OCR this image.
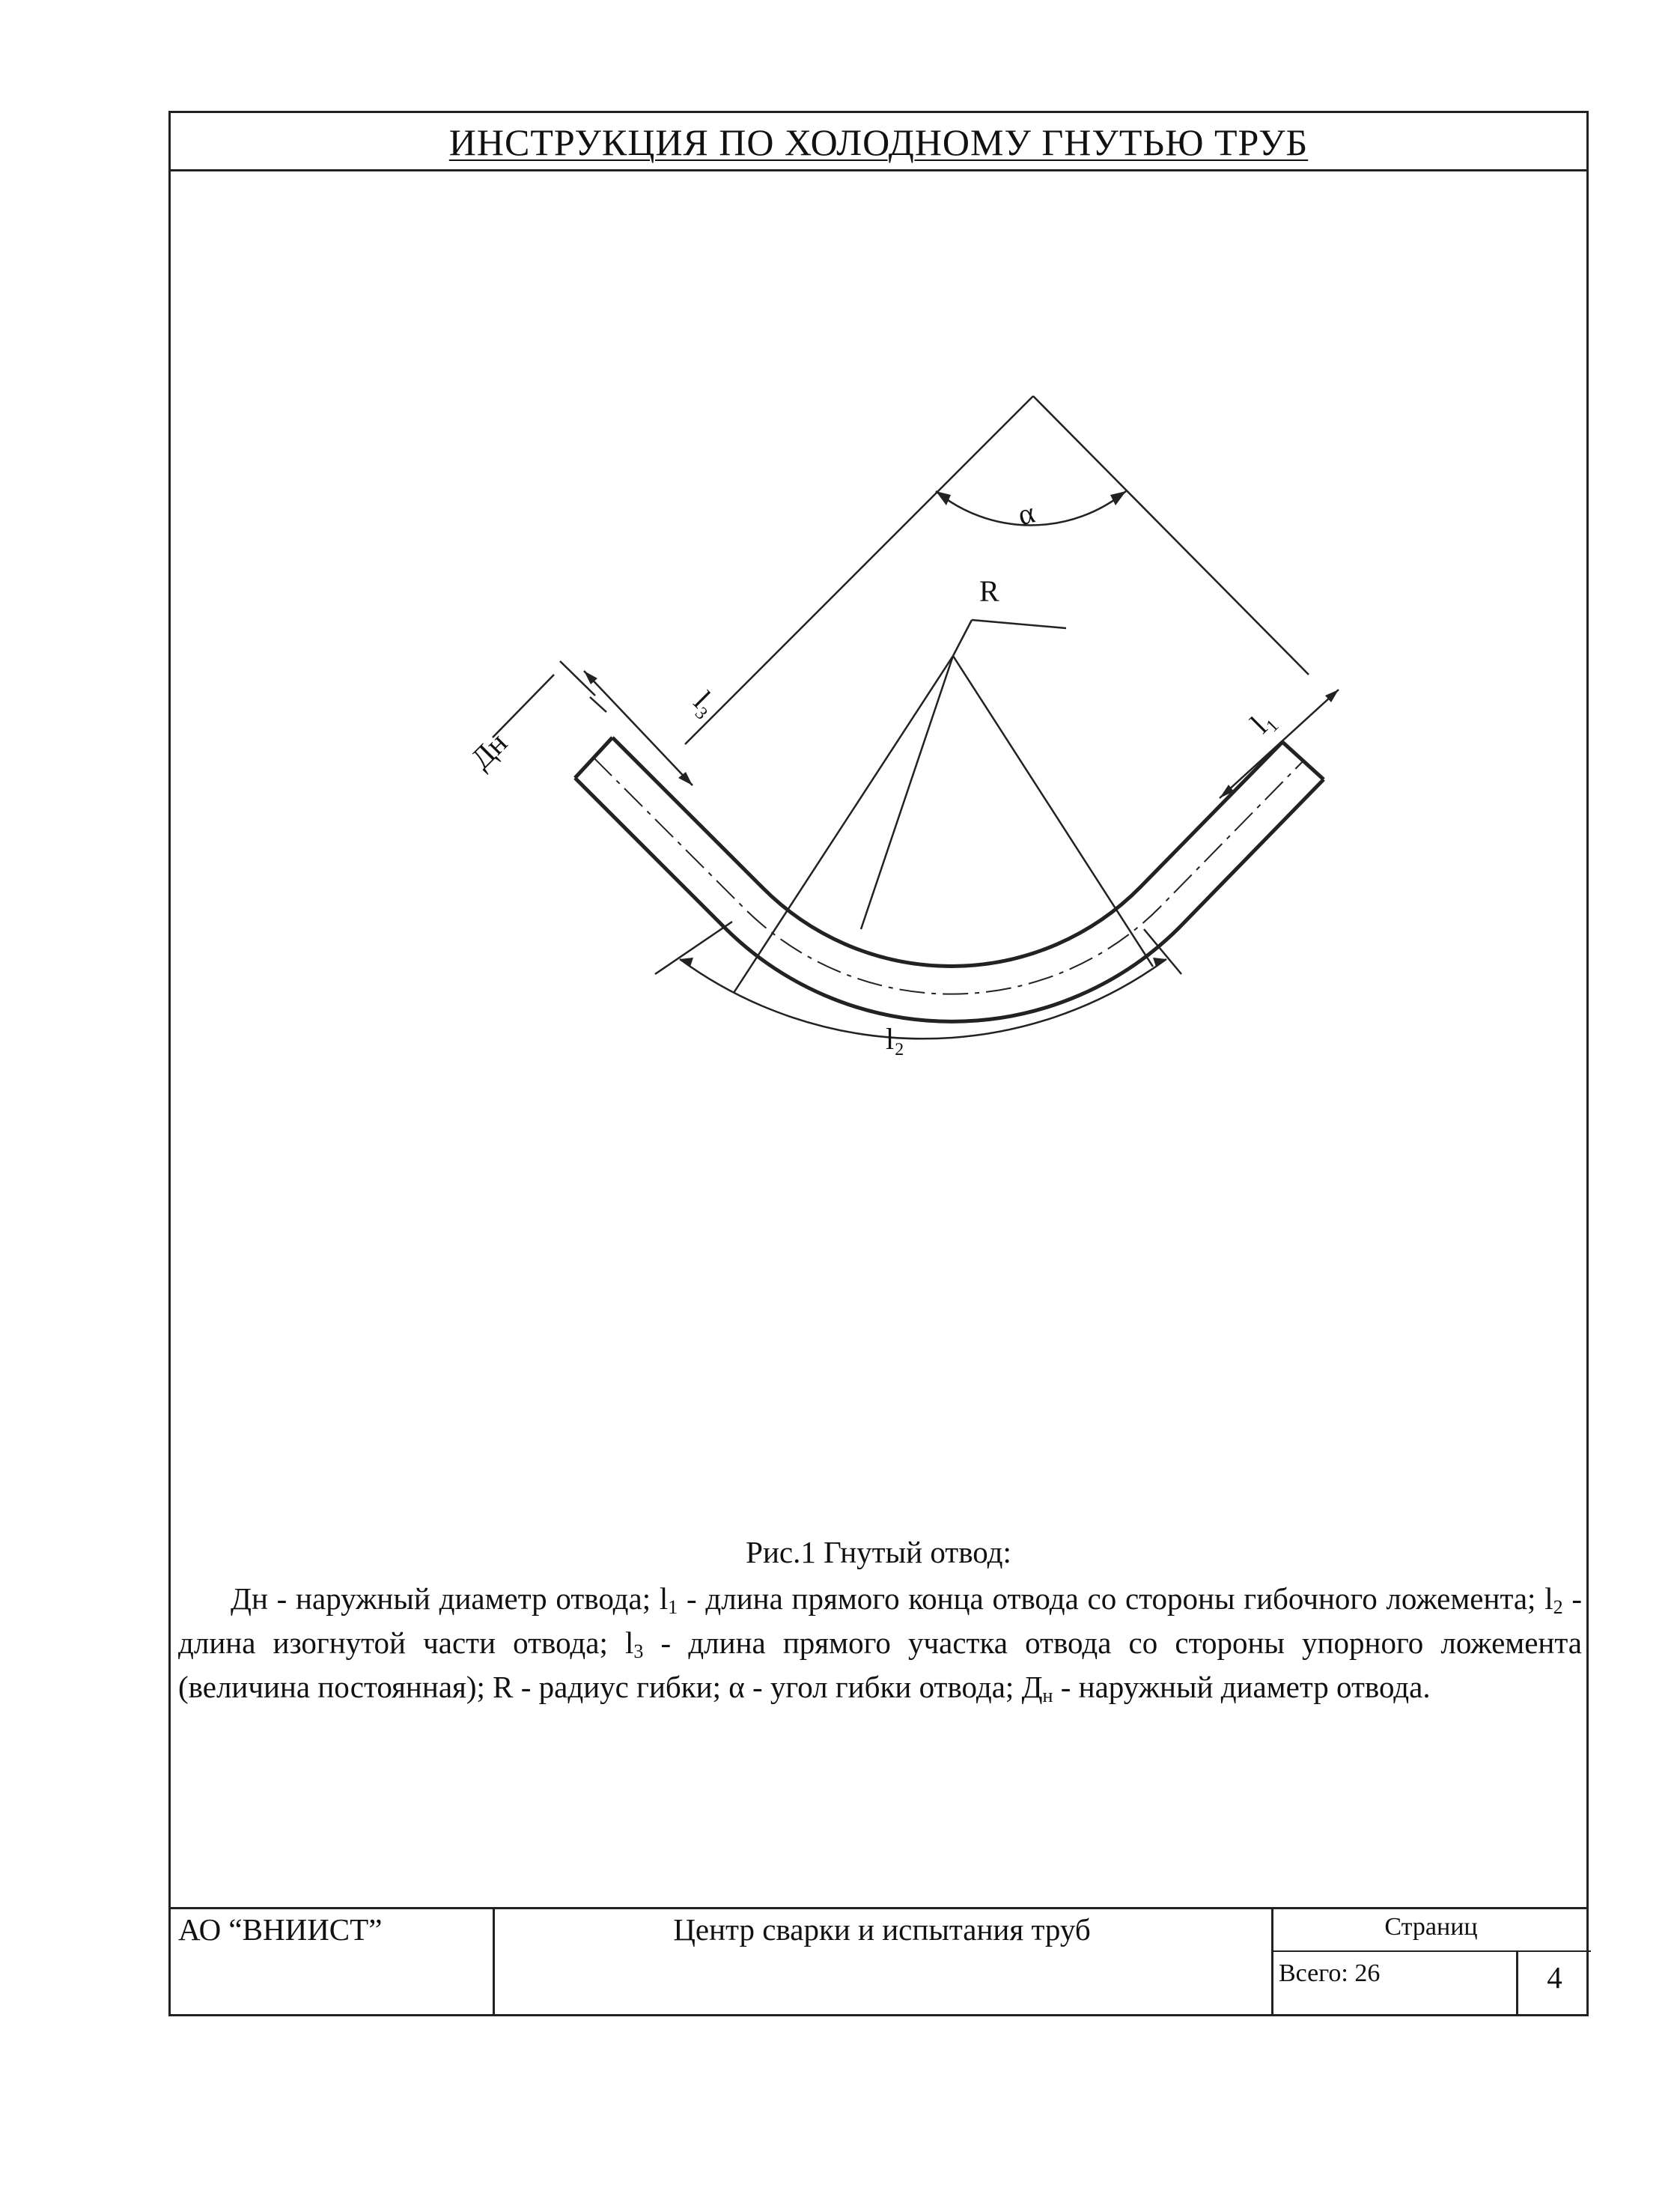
ИНСТРУКЦИЯ ПО ХОЛОДНОМУ ГНУТЬЮ ТРУБ
α
R
l₃	l₁
l₂
Дн
Рис.1 Гнутый отвод:
Дн - наружный диаметр отвода; $l_1$ - длина прямого конца отвода со стороны гибочного ложемента; $l_2$ - длина изогнутой части отвода; $l_3$ - длина прямого участка отвода со стороны упорного ложемента (величина постоянная); R - радиус гибки; α - угол гибки отвода; $Д_н$ - наружный диаметр отвода.
АО “ВНИИСТ”	Центр сварки и испытания труб	Страниц
Всего: 26	4
